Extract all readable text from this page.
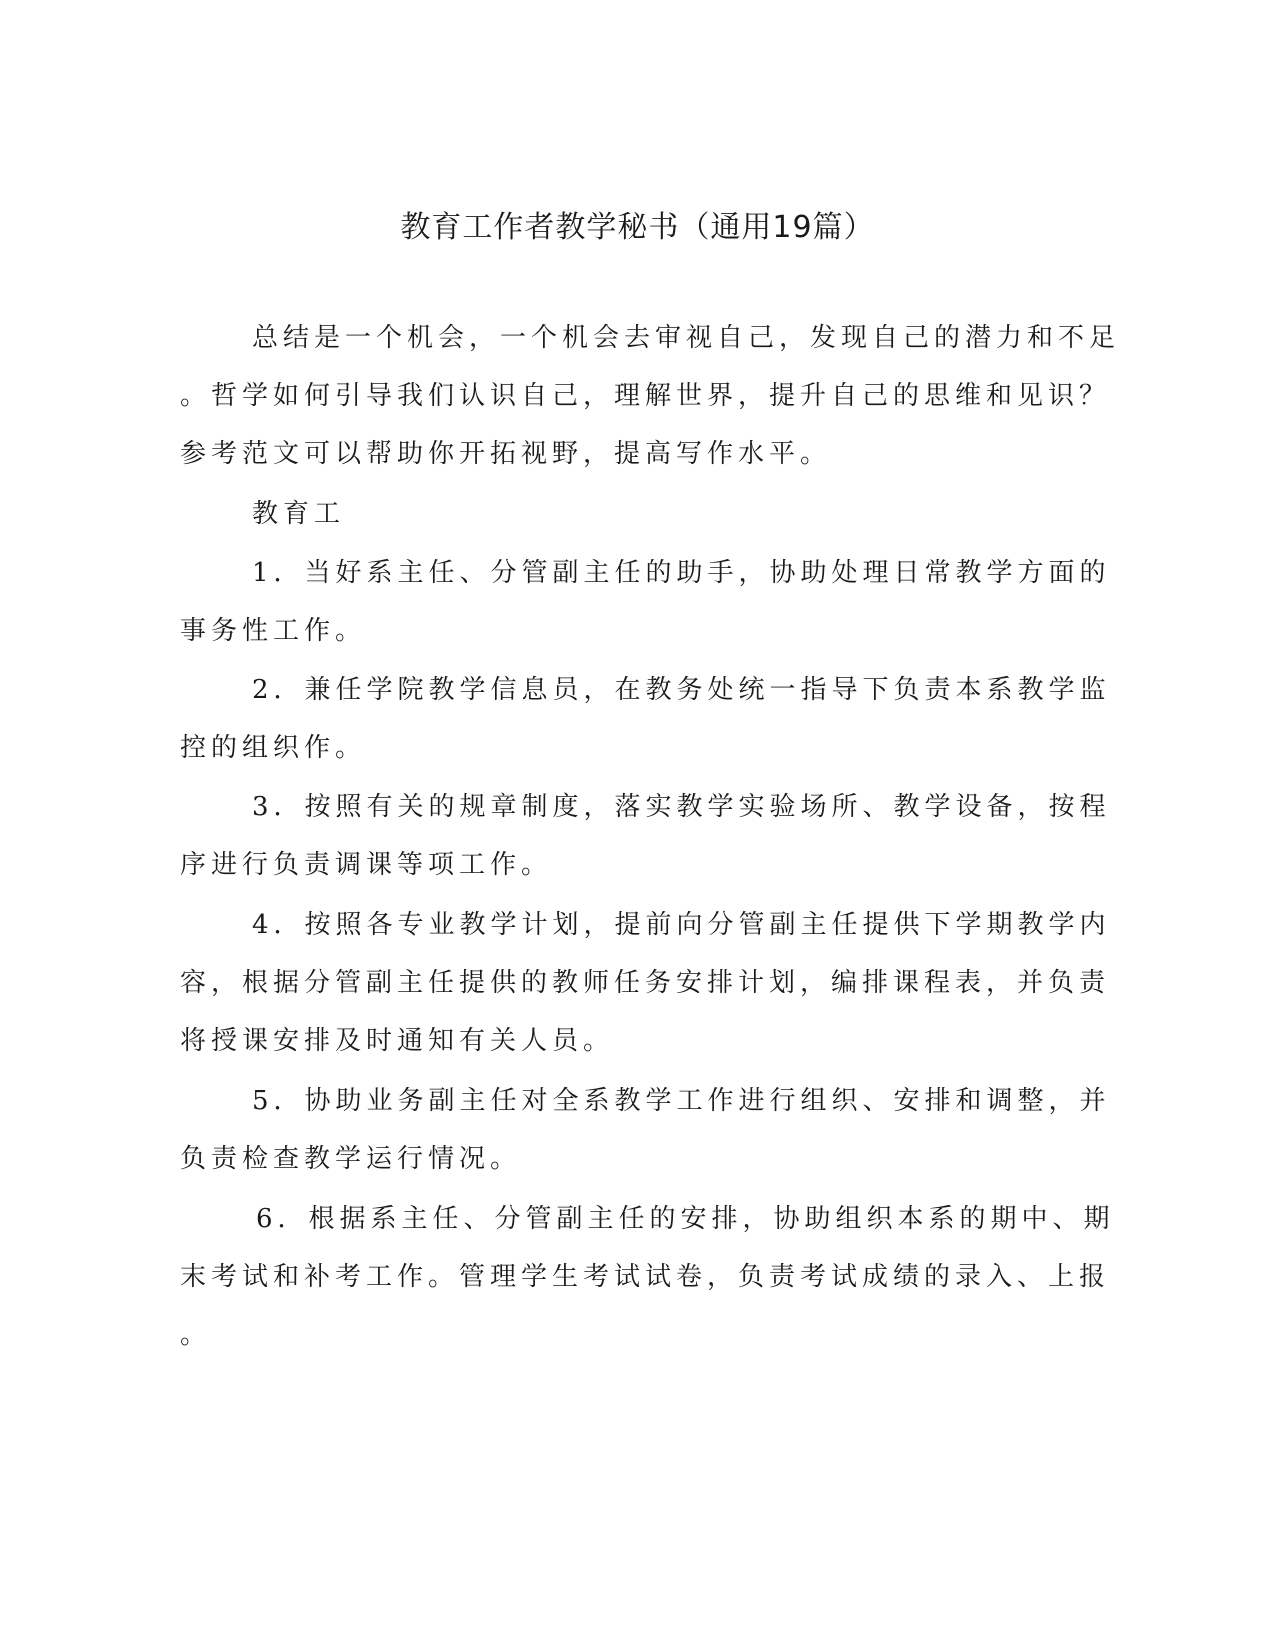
教育工作者教学秘书（通用19篇）
总结是一个机会，一个机会去审视自己，发现自己的潜力和不足
。哲学如何引导我们认识自己，理解世界，提升自己的思维和见识？
参考范文可以帮助你开拓视野，提高写作水平。
教育工
1．当好系主任、分管副主任的助手，协助处理日常教学方面的
事务性工作。
2．兼任学院教学信息员，在教务处统一指导下负责本系教学监
控的组织作。
3．按照有关的规章制度，落实教学实验场所、教学设备，按程
序进行负责调课等项工作。
4．按照各专业教学计划，提前向分管副主任提供下学期教学内
容，根据分管副主任提供的教师任务安排计划，编排课程表，并负责
将授课安排及时通知有关人员。
5．协助业务副主任对全系教学工作进行组织、安排和调整，并
负责检查教学运行情况。
6．根据系主任、分管副主任的安排，协助组织本系的期中、期
末考试和补考工作。管理学生考试试卷，负责考试成绩的录入、上报
。
